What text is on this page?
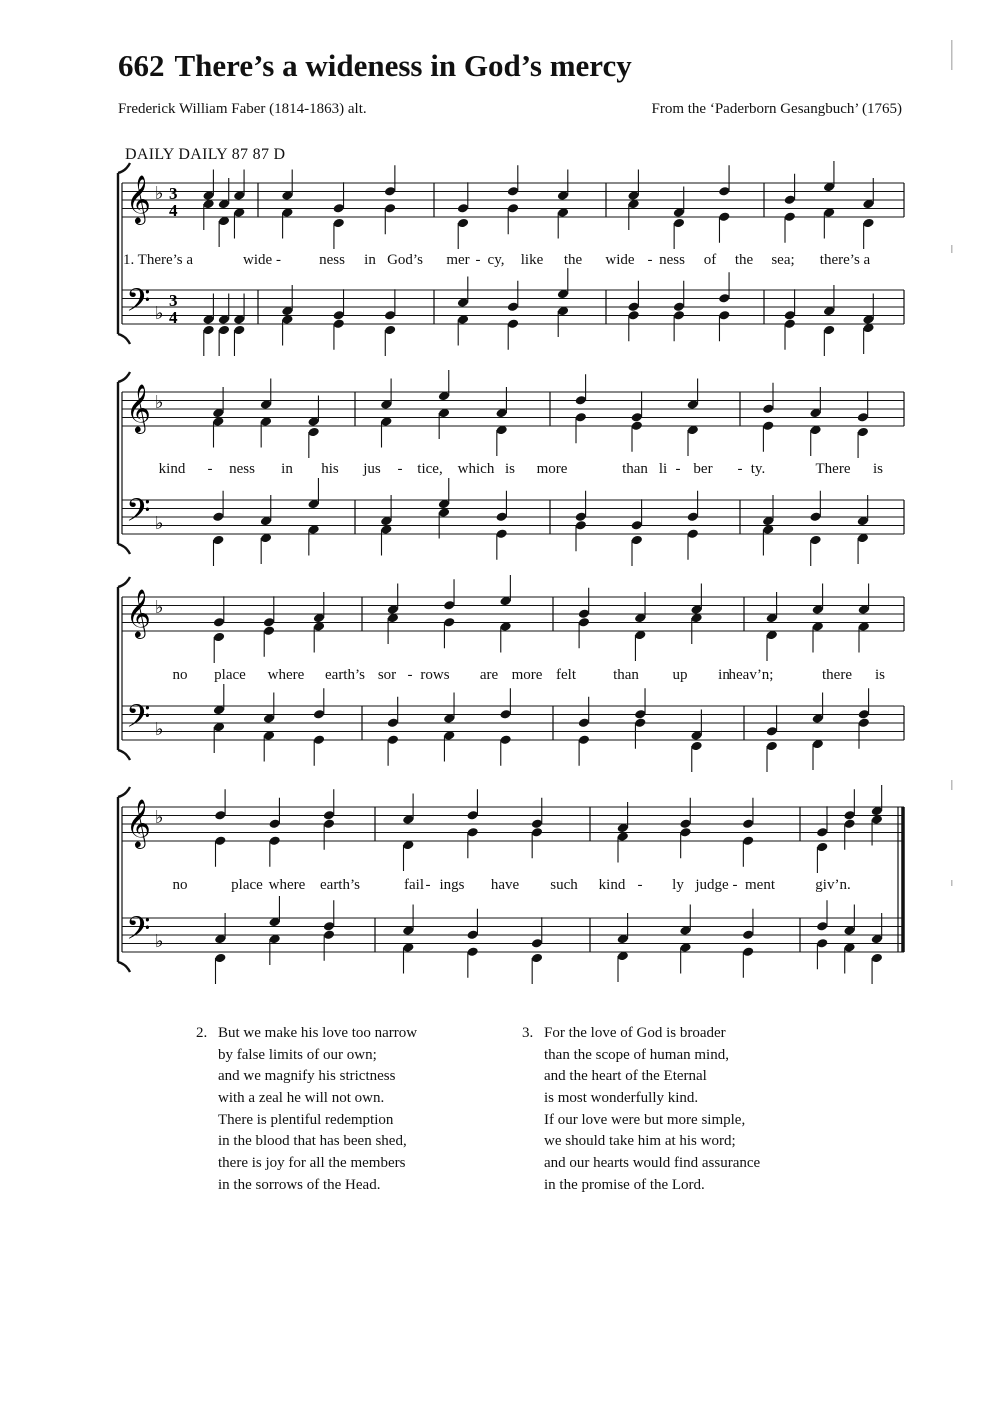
662 There’s a wideness in God’s mercy
Frederick William Faber (1814-1863) alt.	From the ‘Paderborn Gesangbuch’ (1765)
DAILY DAILY 87 87 D
𝄞
𝄢
♭
♭
3
3
4
4
1. There’s a	wide -	ness in God’s mer - cy, like the wide - ness of the sea; there’s a
𝄞
𝄢
♭
♭
kind - ness in his jus - tice, which is more	than li - ber - ty.	There is
𝄞
𝄢
♭
♭
no place where earth’s sor - rows are more felt than up in
heav’n;	there is
𝄞
𝄢
♭
♭
no	place where earth’s	fail - ings have such kind - ly judge - ment	giv’n.
2. But we make his love too narrow
by false limits of our own;
and we magnify his strictness
with a zeal he will not own.
There is plentiful redemption
in the blood that has been shed,
there is joy for all the members
in the sorrows of the Head.
3. For the love of God is broader
than the scope of human mind,
and the heart of the Eternal
is most wonderfully kind.
If our love were but more simple,
we should take him at his word;
and our hearts would find assurance
in the promise of the Lord.
